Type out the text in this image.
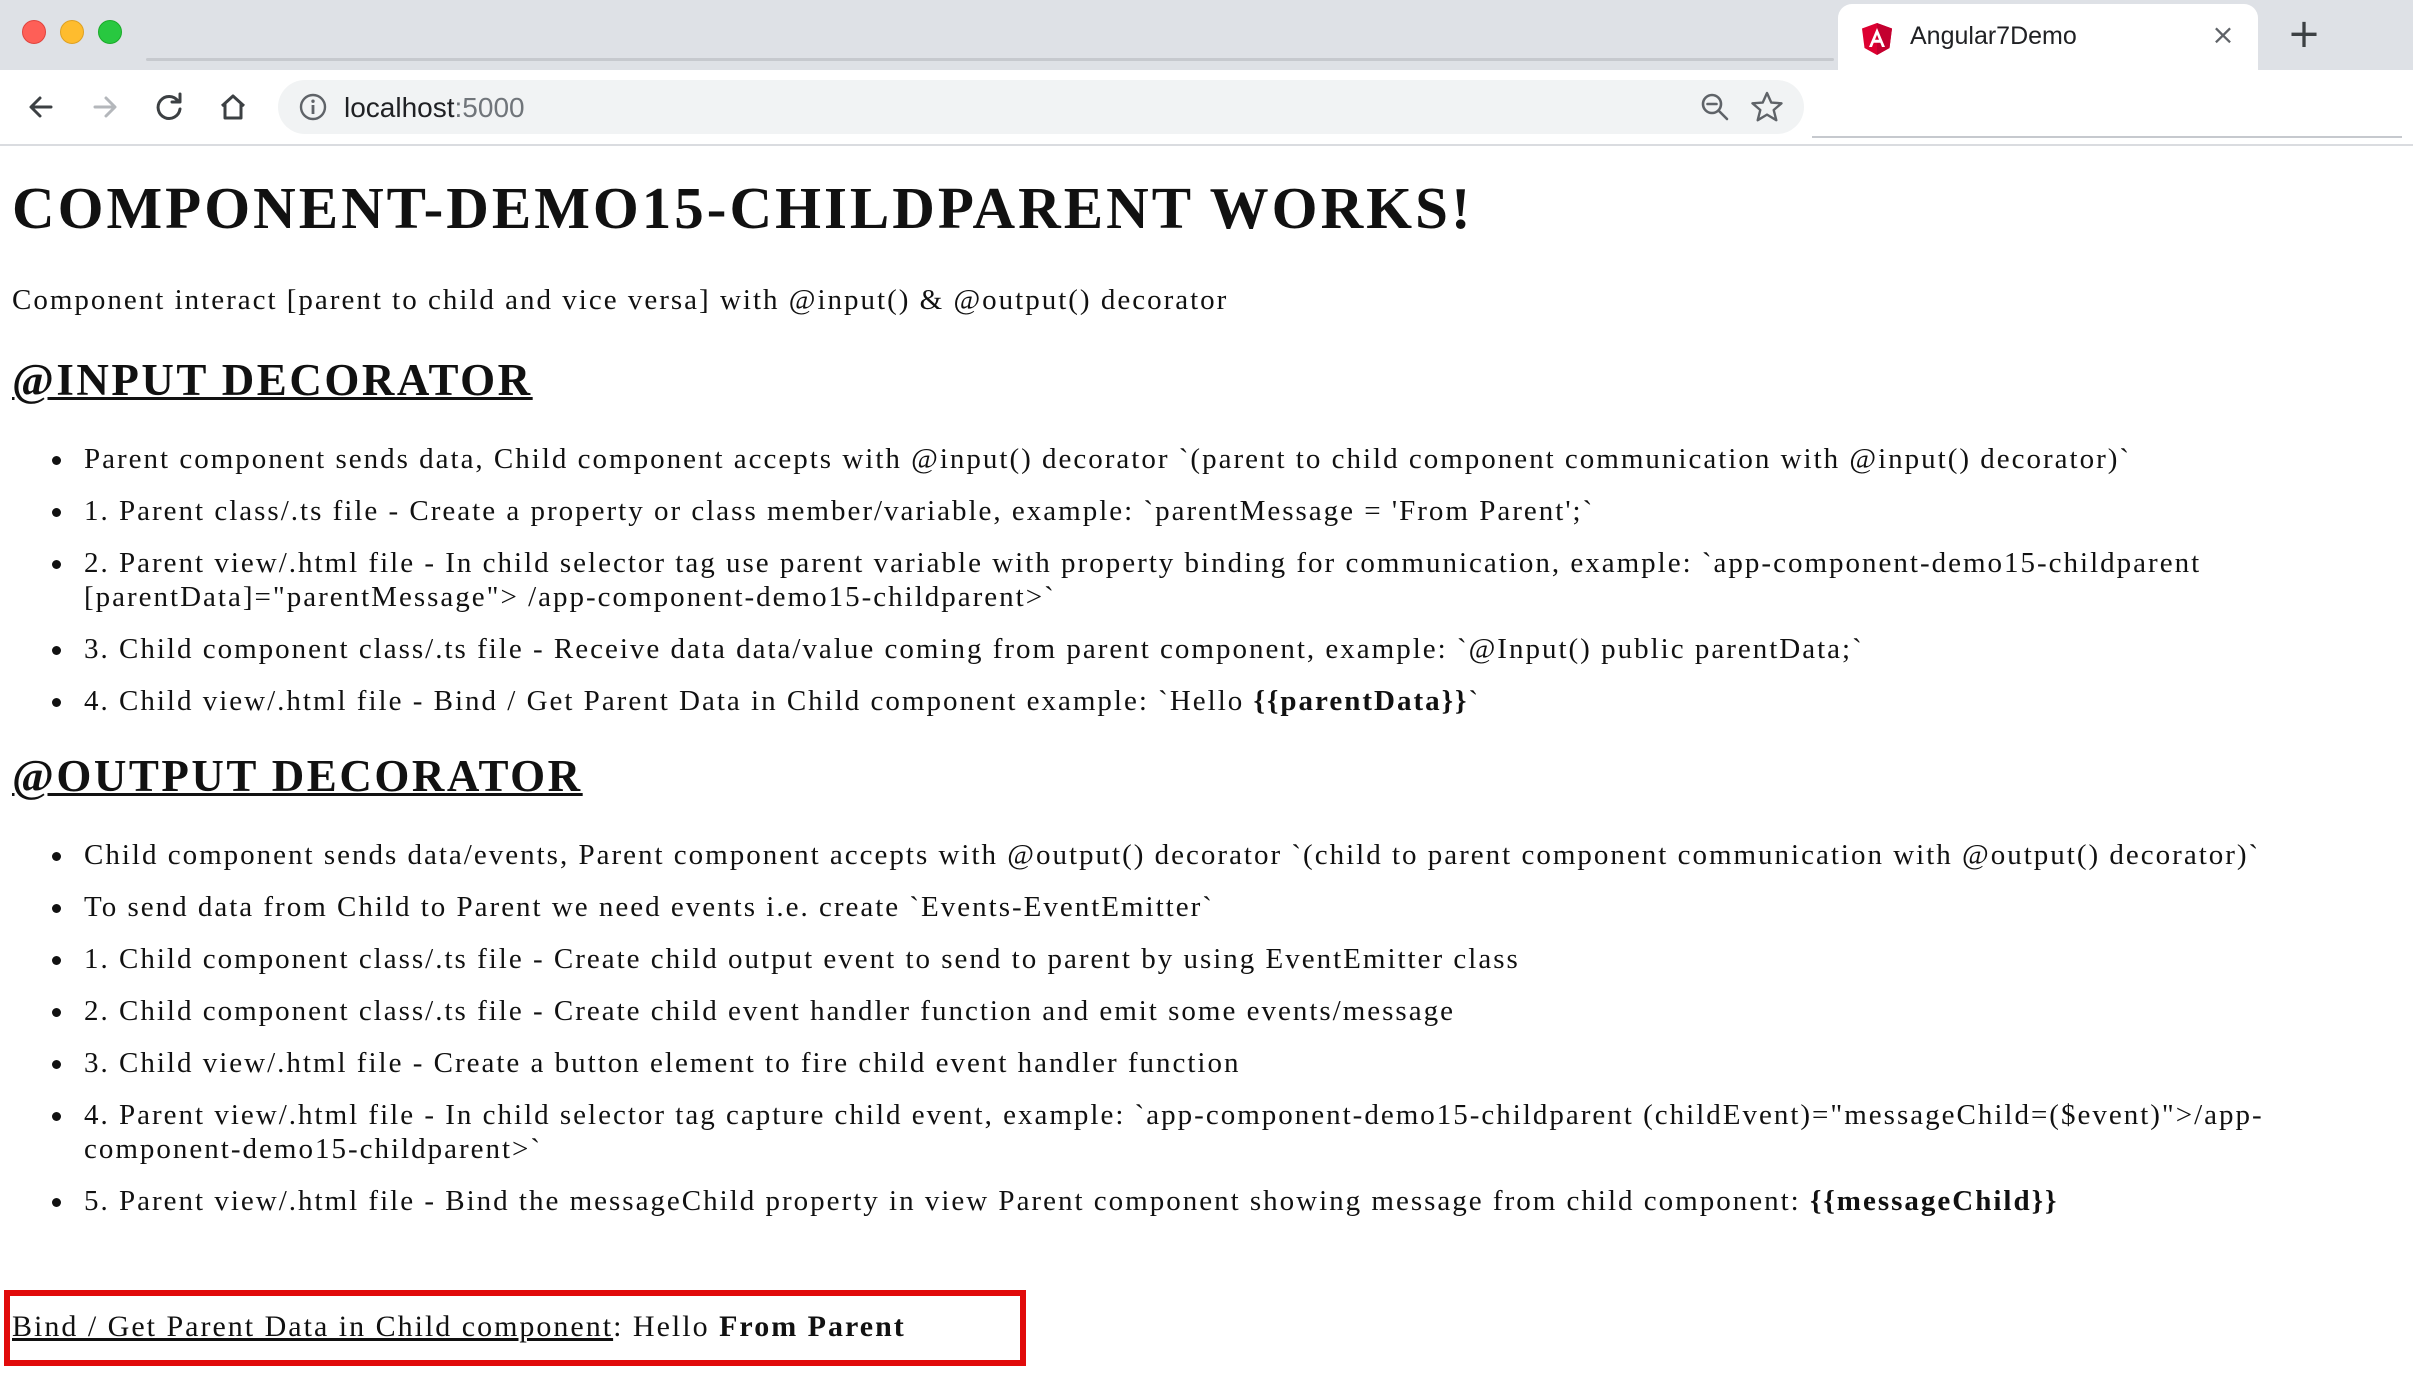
Angular7Demo	× +
localhost:5000
COMPONENT-DEMO15-CHILDPARENT WORKS!

Component interact [parent to child and vice versa] with @input() & @output() decorator

@INPUT DECORATOR
Parent component sends data, Child component accepts with @input() decorator `(parent to child component communication with @input() decorator)`
1. Parent class/.ts file - Create a property or class member/variable, example: `parentMessage = 'From Parent';`
2. Parent view/.html file - In child selector tag use parent variable with property binding for communication, example: `app-component-demo15-childparent [parentData]="parentMessage"> /app-component-demo15-childparent>`
3. Child component class/.ts file - Receive data data/value coming from parent component, example: `@Input() public parentData;`
4. Child view/.html file - Bind / Get Parent Data in Child component example: `Hello {{parentData}}`
@OUTPUT DECORATOR
Child component sends data/events, Parent component accepts with @output() decorator `(child to parent component communication with @output() decorator)`
To send data from Child to Parent we need events i.e. create `Events-EventEmitter`
1. Child component class/.ts file - Create child output event to send to parent by using EventEmitter class
2. Child component class/.ts file - Create child event handler function and emit some events/message
3. Child view/.html file - Create a button element to fire child event handler function
4. Parent view/.html file - In child selector tag capture child event, example: `app-component-demo15-childparent (childEvent)="messageChild=($event)">/app-component-demo15-childparent>`
5. Parent view/.html file - Bind the messageChild property in view Parent component showing message from child component: {{messageChild}}

Bind / Get Parent Data in Child component: Hello From Parent
